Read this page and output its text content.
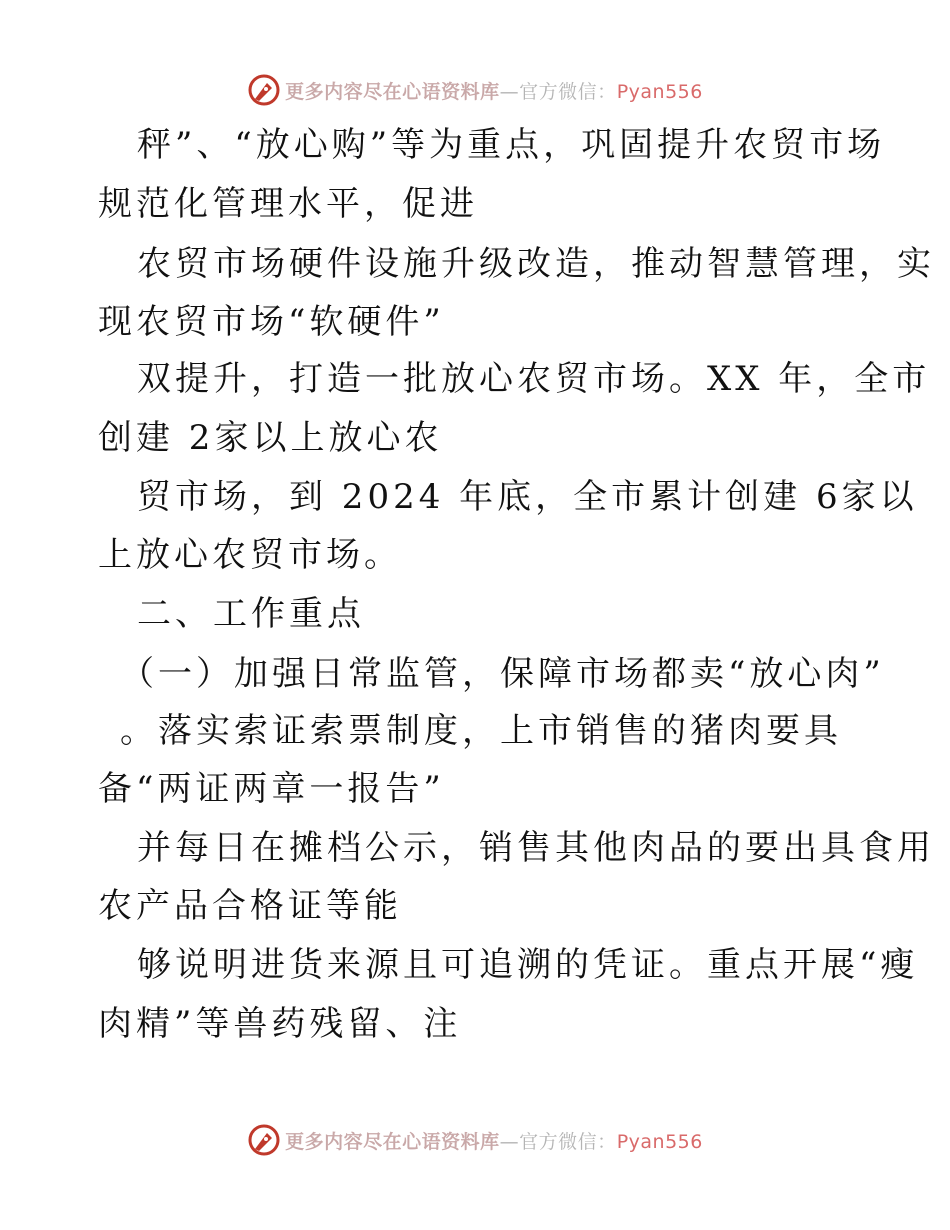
更多内容尽在心语资料库—官方微信：Pyan556
秤”、“放心购”等为重点，巩固提升农贸市场
规范化管理水平，促进
农贸市场硬件设施升级改造，推动智慧管理，实
现农贸市场“软硬件”
双提升，打造一批放心农贸市场。XX 年，全市
创建 2家以上放心农
贸市场，到 2024 年底，全市累计创建 6家以
上放心农贸市场。
二、工作重点
（一）加强日常监管，保障市场都卖“放心肉”
。落实索证索票制度，上市销售的猪肉要具
备“两证两章一报告”
并每日在摊档公示，销售其他肉品的要出具食用
农产品合格证等能
够说明进货来源且可追溯的凭证。重点开展“瘦
肉精”等兽药残留、注
更多内容尽在心语资料库—官方微信：Pyan556
